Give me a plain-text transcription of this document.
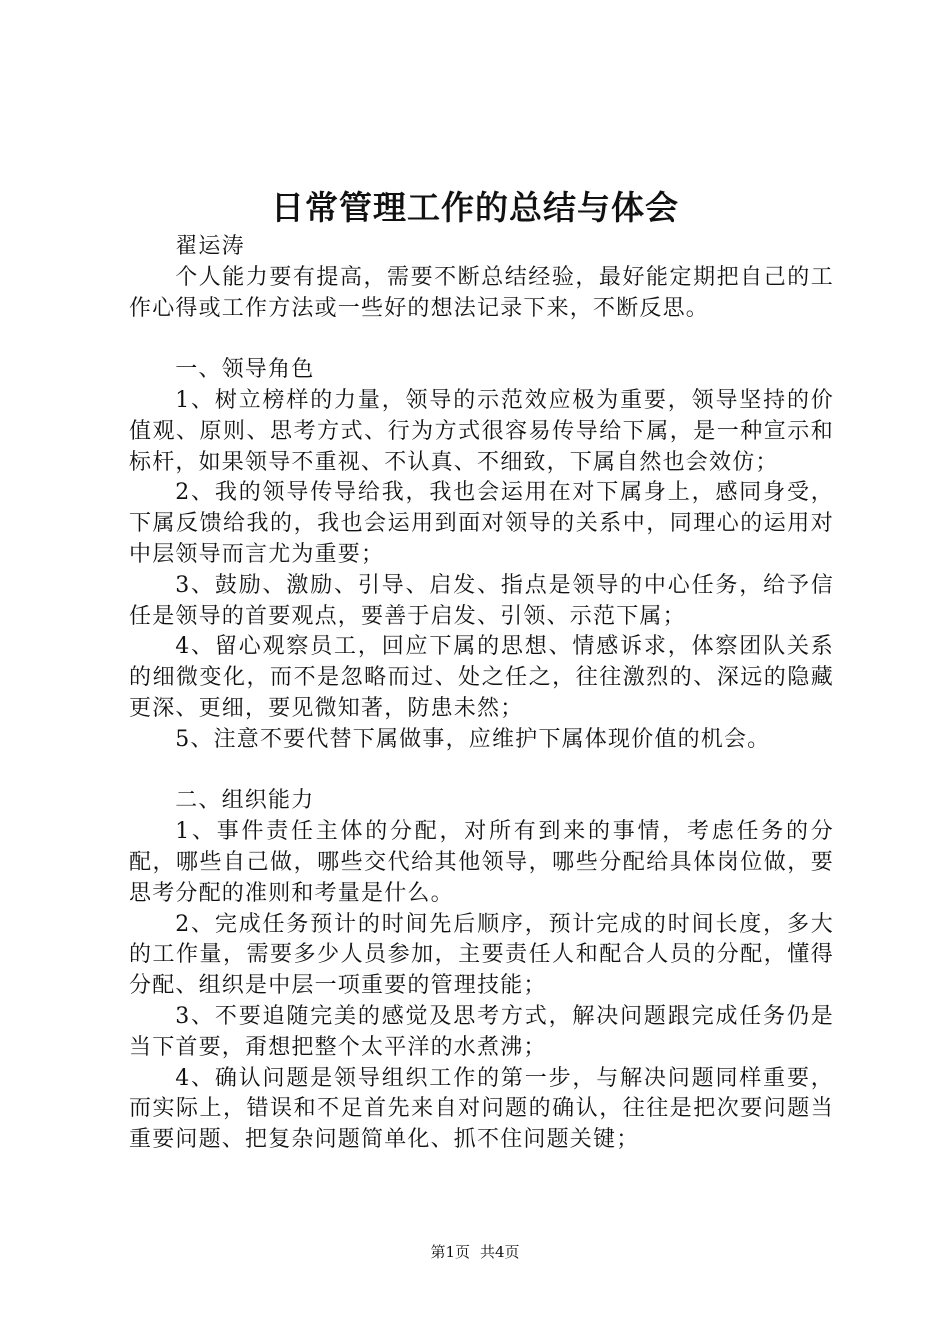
日常管理工作的总结与体会

翟运涛

个人能力要有提高，需要不断总结经验，最好能定期把自己的工作心得或工作方法或一些好的想法记录下来，不断反思。

一、领导角色

1、树立榜样的力量，领导的示范效应极为重要，领导坚持的价值观、原则、思考方式、行为方式很容易传导给下属，是一种宣示和标杆，如果领导不重视、不认真、不细致，下属自然也会效仿；

2、我的领导传导给我，我也会运用在对下属身上，感同身受，下属反馈给我的，我也会运用到面对领导的关系中，同理心的运用对中层领导而言尤为重要；

3、鼓励、激励、引导、启发、指点是领导的中心任务，给予信任是领导的首要观点，要善于启发、引领、示范下属；

4、留心观察员工，回应下属的思想、情感诉求，体察团队关系的细微变化，而不是忽略而过、处之任之，往往激烈的、深远的隐藏更深、更细，要见微知著，防患未然；

5、注意不要代替下属做事，应维护下属体现价值的机会。

二、组织能力

1、事件责任主体的分配，对所有到来的事情，考虑任务的分配，哪些自己做，哪些交代给其他领导，哪些分配给具体岗位做，要思考分配的准则和考量是什么。

2、完成任务预计的时间先后顺序，预计完成的时间长度，多大的工作量，需要多少人员参加，主要责任人和配合人员的分配，懂得分配、组织是中层一项重要的管理技能；

3、不要追随完美的感觉及思考方式，解决问题跟完成任务仍是当下首要，甭想把整个太平洋的水煮沸；

4、确认问题是领导组织工作的第一步，与解决问题同样重要，而实际上，错误和不足首先来自对问题的确认，往往是把次要问题当重要问题、把复杂问题简单化、抓不住问题关键；

第1页 共4页
